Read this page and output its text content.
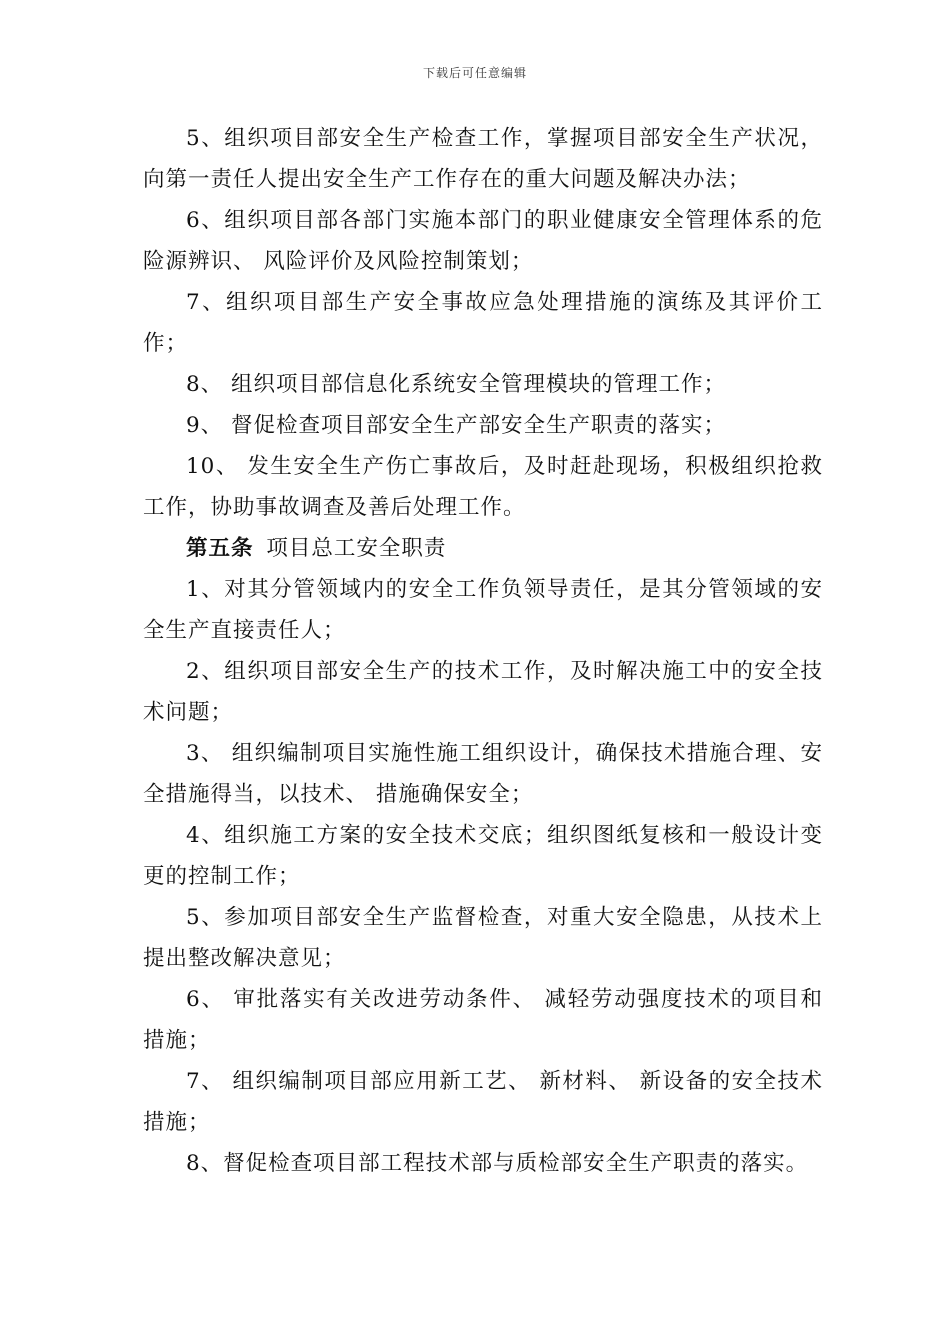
下载后可任意编辑

5、组织项目部安全生产检查工作，掌握项目部安全生产状况，向第一责任人提出安全生产工作存在的重大问题及解决办法；

6、组织项目部各部门实施本部门的职业健康安全管理体系的危险源辨识、 风险评价及风险控制策划；

7、组织项目部生产安全事故应急处理措施的演练及其评价工作；

8、 组织项目部信息化系统安全管理模块的管理工作；

9、 督促检查项目部安全生产部安全生产职责的落实；

10、 发生安全生产伤亡事故后，及时赶赴现场，积极组织抢救工作，协助事故调查及善后处理工作。

第五条 项目总工安全职责

1、对其分管领域内的安全工作负领导责任，是其分管领域的安全生产直接责任人；

2、组织项目部安全生产的技术工作，及时解决施工中的安全技术问题；

3、 组织编制项目实施性施工组织设计，确保技术措施合理、安全措施得当，以技术、 措施确保安全；

4、组织施工方案的安全技术交底；组织图纸复核和一般设计变更的控制工作；

5、参加项目部安全生产监督检查，对重大安全隐患，从技术上提出整改解决意见；

6、 审批落实有关改进劳动条件、 减轻劳动强度技术的项目和措施；

7、 组织编制项目部应用新工艺、 新材料、 新设备的安全技术措施；

8、督促检查项目部工程技术部与质检部安全生产职责的落实。
